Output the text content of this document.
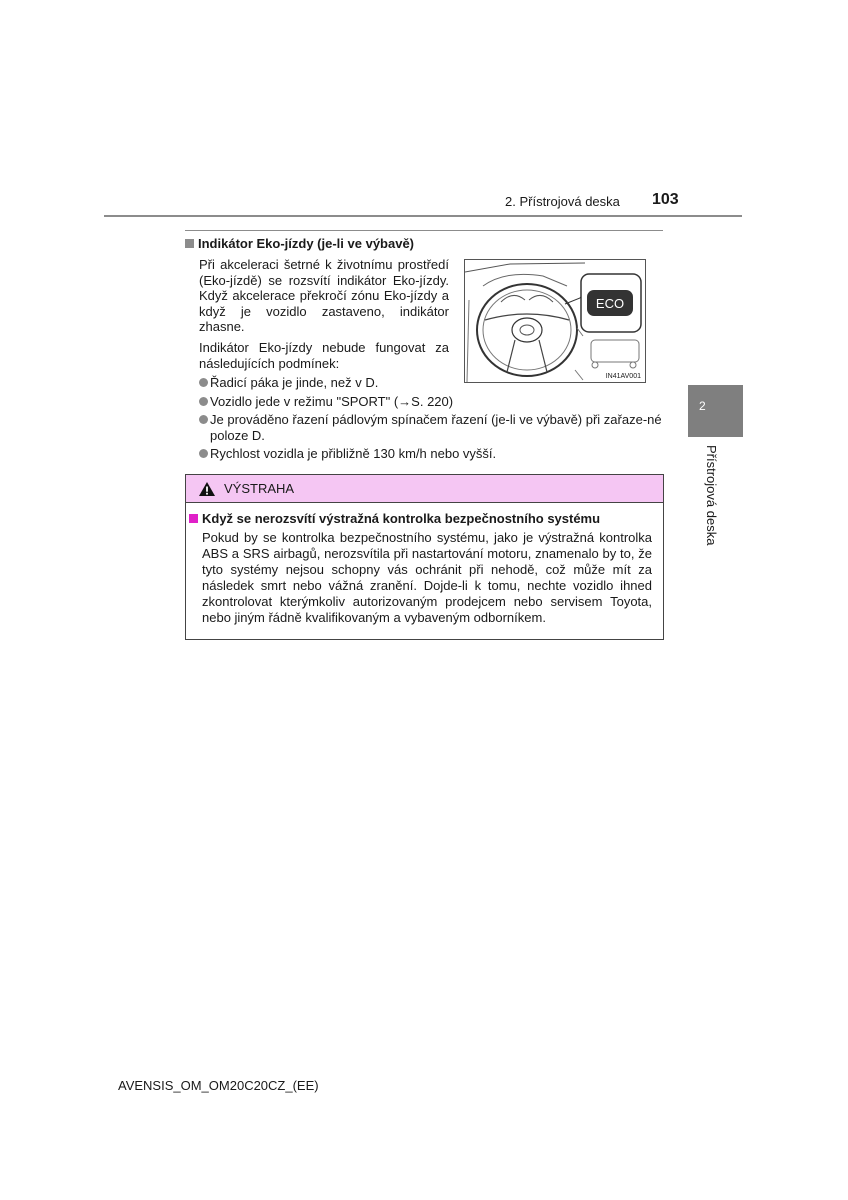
2. Přístrojová deska 103
Indikátor Eko-jízdy (je-li ve výbavě)
Při akceleraci šetrné k životnímu prostředí (Eko-jízdě) se rozsvítí indikátor Eko-jízdy. Když akcelerace překročí zónu Eko-jízdy a když je vozidlo zastaveno, indikátor zhasne.
Indikátor Eko-jízdy nebude fungovat za následujících podmínek:
Řadicí páka je jinde, než v D.
Vozidlo jede v režimu "SPORT" (→S. 220)
Je prováděno řazení pádlovým spínačem řazení (je-li ve výbavě) při zařaze-né poloze D.
Rychlost vozidla je přibližně 130 km/h nebo vyšší.
ECO
IN41AV001
2
Přístrojová deska
VÝSTRAHA
Když se nerozsvítí výstražná kontrolka bezpečnostního systému
Pokud by se kontrolka bezpečnostního systému, jako je výstražná kontrolka ABS a SRS airbagů, nerozsvítila při nastartování motoru, znamenalo by to, že tyto systémy nejsou schopny vás ochránit při nehodě, což může mít za následek smrt nebo vážná zranění. Dojde-li k tomu, nechte vozidlo ihned zkontrolovat kterýmkoliv autorizovaným prodejcem nebo servisem Toyota, nebo jiným řádně kvalifikovaným a vybaveným odborníkem.
AVENSIS_OM_OM20C20CZ_(EE)
